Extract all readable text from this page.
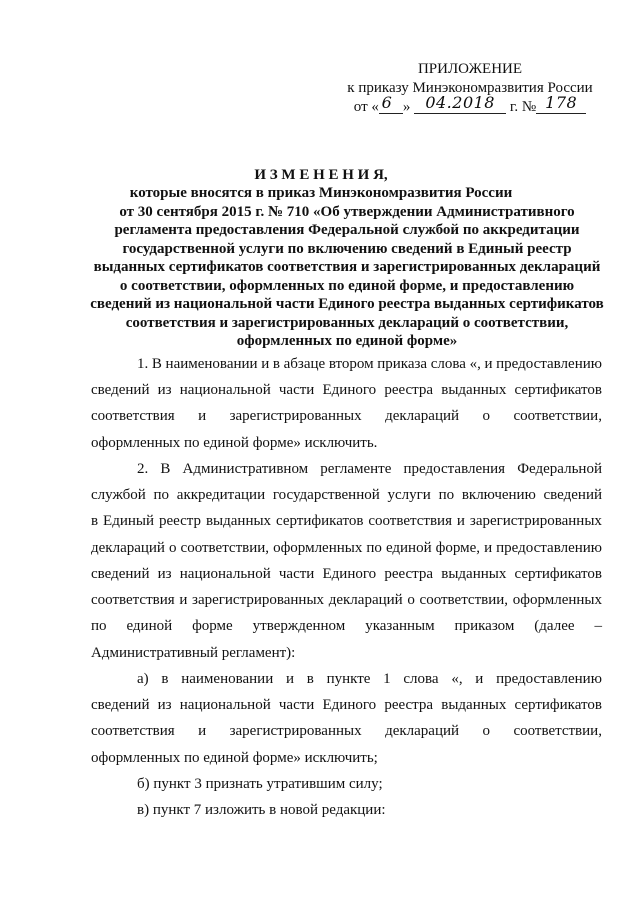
ПРИЛОЖЕНИЕ
к приказу Минэкономразвития России
от « 6 » 04.2018 г. № 178
И З М Е Н Е Н И Я,
которые вносятся в приказ Минэкономразвития России
от 30 сентября 2015 г. № 710 «Об утверждении Административного
регламента предоставления Федеральной службой по аккредитации
государственной услуги по включению сведений в Единый реестр
выданных сертификатов соответствия и зарегистрированных деклараций
о соответствии, оформленных по единой форме, и предоставлению
сведений из национальной части Единого реестра выданных сертификатов
соответствия и зарегистрированных деклараций о соответствии,
оформленных по единой форме»
1. В наименовании и в абзаце втором приказа слова «, и предоставлению
сведений из национальной части Единого реестра выданных сертификатов
соответствия и зарегистрированных деклараций о соответствии,
оформленных по единой форме» исключить.
2. В Административном регламенте предоставления Федеральной
службой по аккредитации государственной услуги по включению сведений
в Единый реестр выданных сертификатов соответствия и зарегистрированных
деклараций о соответствии, оформленных по единой форме, и предоставлению
сведений из национальной части Единого реестра выданных сертификатов
соответствия и зарегистрированных деклараций о соответствии, оформленных
по единой форме утвержденном указанным приказом (далее –
Административный регламент):
а) в наименовании и в пункте 1 слова «, и предоставлению
сведений из национальной части Единого реестра выданных сертификатов
соответствия и зарегистрированных деклараций о соответствии,
оформленных по единой форме» исключить;
б) пункт 3 признать утратившим силу;
в) пункт 7 изложить в новой редакции:
